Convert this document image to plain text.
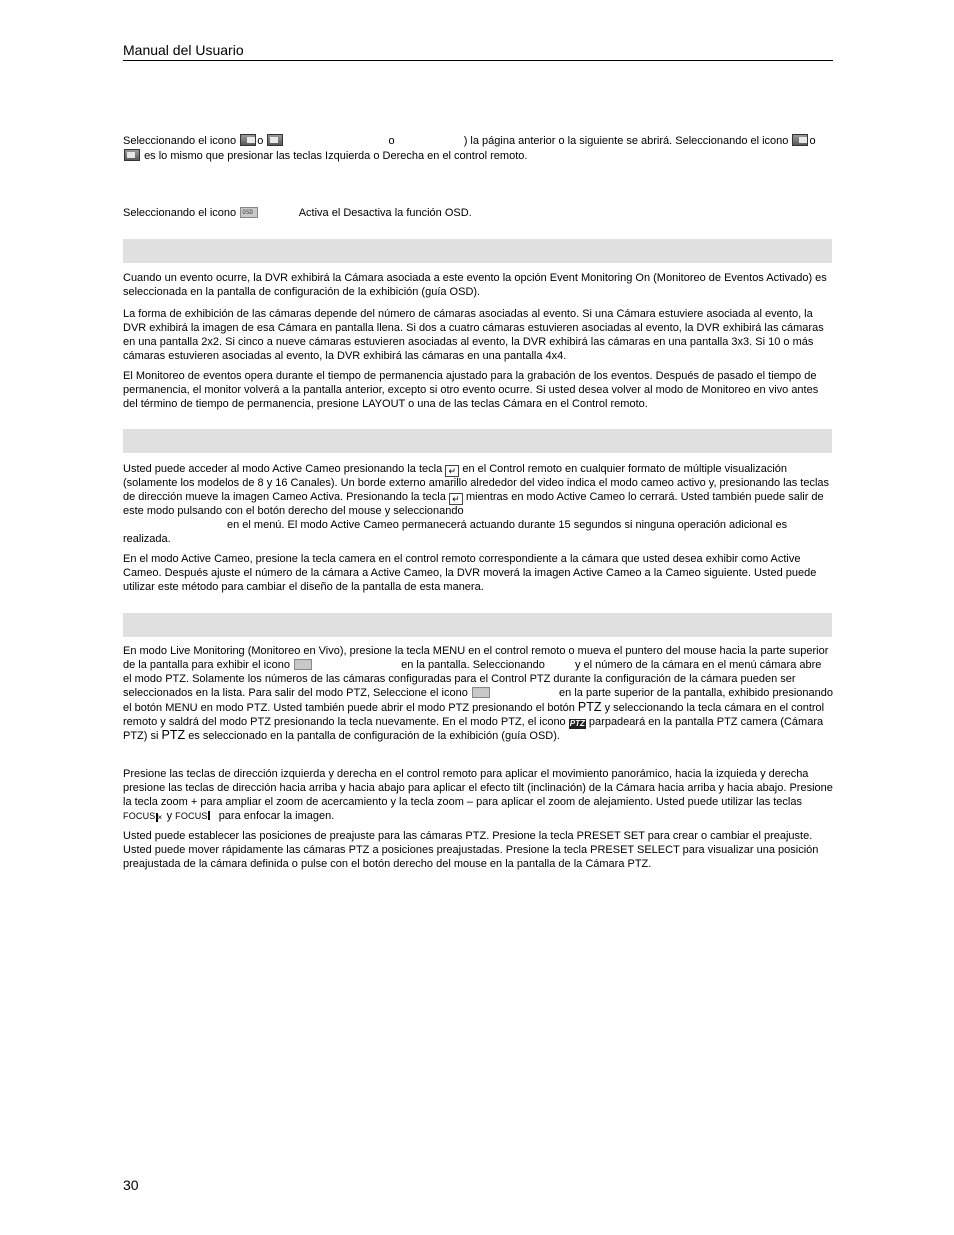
Manual del Usuario

Seleccionando el icono o	o	) la página anterior o la siguiente se abrirá. Seleccionando el icono o

es lo mismo que presionar las teclas Izquierda o Derecha en el control remoto.

Seleccionando el icono OSD	Activa el Desactiva la función OSD.

Cuando un evento ocurre, la DVR exhibirá la Cámara asociada a este evento la opción Event Monitoring On (Monitoreo de Eventos Activado) es seleccionada en la pantalla de configuración de la exhibición (guía OSD).

La forma de exhibición de las cámaras depende del número de cámaras asociadas al evento. Si una Cámara estuviere asociada al evento, la DVR exhibirá la imagen de esa Cámara en pantalla llena. Si dos a cuatro cámaras estuvieren asociadas al evento, la DVR exhibirá las cámaras en una pantalla 2x2. Si cinco a nueve cámaras estuvieren asociadas al evento, la DVR exhibirá las cámaras en una pantalla 3x3. Si 10 o más cámaras estuvieren asociadas al evento, la DVR exhibirá las cámaras en una pantalla 4x4.

El Monitoreo de eventos opera durante el tiempo de permanencia ajustado para la grabación de los eventos. Después de pasado el tiempo de permanencia, el monitor volverá a la pantalla anterior, excepto si otro evento ocurre. Si usted desea volver al modo de Monitoreo en vivo antes del término de tiempo de permanencia, presione LAYOUT o una de las teclas Cámara en el Control remoto.

Usted puede acceder al modo Active Cameo presionando la tecla ↵ en el Control remoto en cualquier formato de múltiple visualización (solamente los modelos de 8 y 16 Canales). Un borde externo amarillo alrededor del video indica el modo cameo activo y, presionando las teclas de dirección mueve la imagen Cameo Activa. Presionando la tecla ↵ mientras en modo Active Cameo lo cerrará. Usted también puede salir de este modo pulsando con el botón derecho del mouse y seleccionando
en el menú. El modo Active Cameo permanecerá actuando durante 15 segundos si ninguna operación adicional es realizada.

En el modo Active Cameo, presione la tecla camera en el control remoto correspondiente a la cámara que usted desea exhibir como Active Cameo. Después ajuste el número de la cámara a Active Cameo, la DVR moverá la imagen Active Cameo a la Cameo siguiente. Usted puede utilizar este método para cambiar el diseño de la pantalla de esta manera.

En modo Live Monitoring (Monitoreo en Vivo), presione la tecla MENU en el control remoto o mueva el puntero del mouse hacia la parte superior de la pantalla para exhibir el icono	en la pantalla. Seleccionando	y el número de la cámara en el menú cámara abre el modo PTZ. Solamente los números de las cámaras configuradas para el Control PTZ durante la configuración de la cámara pueden ser seleccionados en la lista. Para salir del modo PTZ, Seleccione el icono	en la parte superior de la pantalla, exhibido presionando el botón MENU en modo PTZ. Usted también puede abrir el modo PTZ presionando el botón PTZ y seleccionando la tecla cámara en el control remoto y saldrá del modo PTZ presionando la tecla nuevamente. En el modo PTZ, el icono PTZ parpadeará en la pantalla PTZ camera (Cámara PTZ) si PTZ es seleccionado en la pantalla de configuración de la exhibición (guía OSD).

Presione las teclas de dirección izquierda y derecha en el control remoto para aplicar el movimiento panorámico, hacia la izquieda y derecha presione las teclas de dirección hacia arriba y hacia abajo para aplicar el efecto tilt (inclinación) de la Cámara hacia arriba y hacia abajo. Presione la tecla zoom + para ampliar el zoom de acercamiento y la tecla zoom – para aplicar el zoom de alejamiento. Usted puede utilizar las teclas FOCUS × y FOCUS para enfocar la imagen.

Usted puede establecer las posiciones de preajuste para las cámaras PTZ. Presione la tecla PRESET SET para crear o cambiar el preajuste. Usted puede mover rápidamente las cámaras PTZ a posiciones preajustadas. Presione la tecla PRESET SELECT para visualizar una posición preajustada de la cámara definida o pulse con el botón derecho del mouse en la pantalla de la Cámara PTZ.

30
